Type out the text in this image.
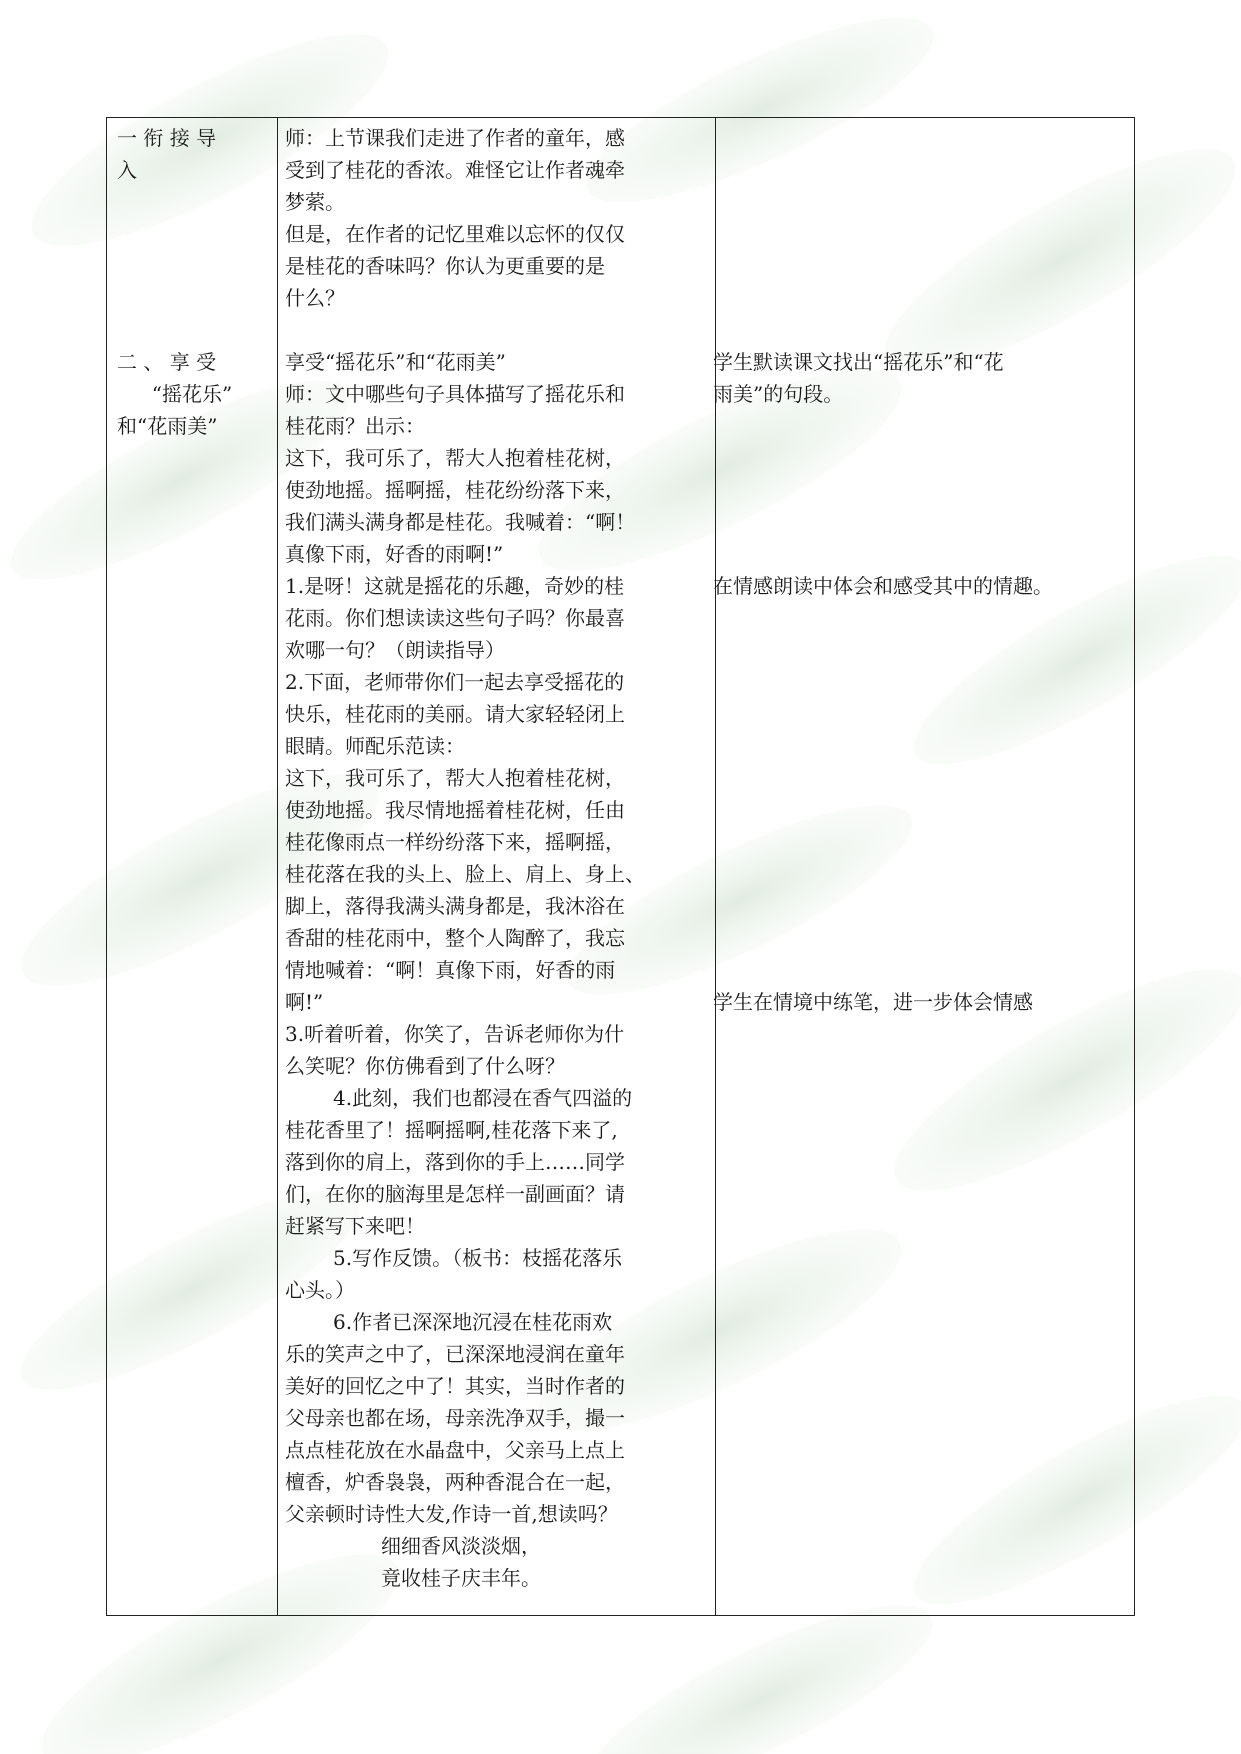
一 衔 接 导

入

二 、 享 受

“摇花乐”

和“花雨美”

师：上节课我们走进了作者的童年，感

受到了桂花的香浓。难怪它让作者魂牵

梦萦。

但是，在作者的记忆里难以忘怀的仅仅

是桂花的香味吗？你认为更重要的是

什么？

享受“摇花乐”和“花雨美”

师：文中哪些句子具体描写了摇花乐和

桂花雨？出示：

这下，我可乐了，帮大人抱着桂花树，

使劲地摇。摇啊摇，桂花纷纷落下来，

我们满头满身都是桂花。我喊着：“啊！

真像下雨，好香的雨啊!”

1.是呀！这就是摇花的乐趣，奇妙的桂

花雨。你们想读读这些句子吗？你最喜

欢哪一句？（朗读指导）

2.下面，老师带你们一起去享受摇花的

快乐，桂花雨的美丽。请大家轻轻闭上

眼睛。师配乐范读：

这下，我可乐了，帮大人抱着桂花树，

使劲地摇。我尽情地摇着桂花树，任由

桂花像雨点一样纷纷落下来，摇啊摇，

桂花落在我的头上、脸上、肩上、身上、

脚上，落得我满头满身都是，我沐浴在

香甜的桂花雨中，整个人陶醉了，我忘

情地喊着：“啊！真像下雨，好香的雨

啊!”

3.听着听着，你笑了，告诉老师你为什

么笑呢？你仿佛看到了什么呀？

4.此刻，我们也都浸在香气四溢的

桂花香里了！摇啊摇啊,桂花落下来了,

落到你的肩上，落到你的手上……同学

们，在你的脑海里是怎样一副画面？请

赶紧写下来吧！

5.写作反馈。（板书：枝摇花落乐

心头。）

6.作者已深深地沉浸在桂花雨欢

乐的笑声之中了，已深深地浸润在童年

美好的回忆之中了！其实，当时作者的

父母亲也都在场，母亲洗净双手，撮一

点点桂花放在水晶盘中，父亲马上点上

檀香，炉香袅袅，两种香混合在一起，

父亲顿时诗性大发,作诗一首,想读吗？

细细香风淡淡烟，

竟收桂子庆丰年。

学生默读课文找出“摇花乐”和“花

雨美”的句段。

在情感朗读中体会和感受其中的情趣。

学生在情境中练笔，进一步体会情感
